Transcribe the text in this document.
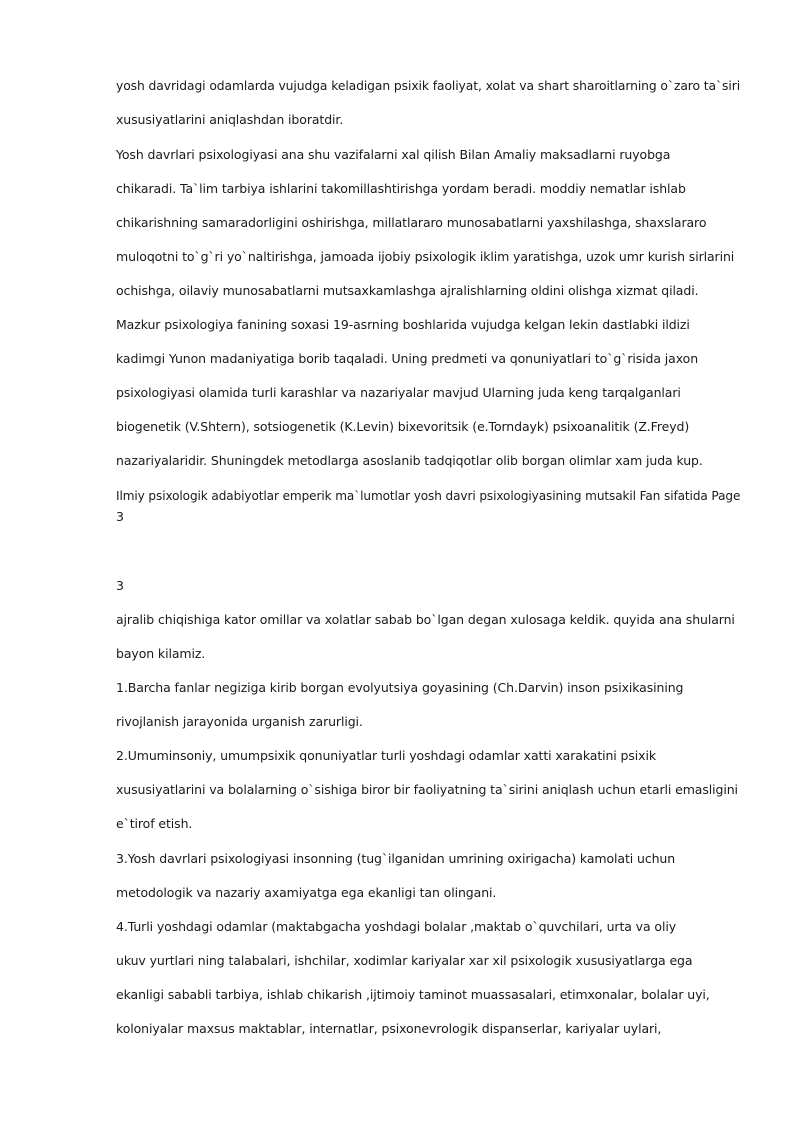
yosh davridagi odamlarda vujudga keladigan psixik faoliyat, xolat va shart sharoitlarning o`zaro ta`siri
xususiyatlarini aniqlashdan iboratdir.
Yosh davrlari psixologiyasi ana shu vazifalarni xal qilish Bilan Amaliy maksadlarni ruyobga
chikaradi. Ta`lim tarbiya ishlarini takomillashtirishga yordam beradi. moddiy nematlar ishlab
chikarishning samaradorligini oshirishga, millatlararo munosabatlarni yaxshilashga, shaxslararo
muloqotni to`g`ri yo`naltirishga, jamoada ijobiy psixologik iklim yaratishga, uzok umr kurish sirlarini
ochishga, oilaviy munosabatlarni mutsaxkamlashga ajralishlarning oldini olishga xizmat qiladi.
Mazkur psixologiya fanining soxasi 19-asrning boshlarida vujudga kelgan lekin dastlabki ildizi
kadimgi Yunon madaniyatiga borib taqaladi. Uning predmeti va qonuniyatlari to`g`risida jaxon
psixologiyasi olamida turli karashlar va nazariyalar mavjud Ularning juda keng tarqalganlari
biogenetik (V.Shtern), sotsiogenetik (K.Levin) bixevoritsik (e.Torndayk) psixoanalitik (Z.Freyd)
nazariyalaridir. Shuningdek metodlarga asoslanib tadqiqotlar olib borgan olimlar xam juda kup.
Ilmiy psixologik adabiyotlar emperik ma`lumotlar yosh davri psixologiyasining mutsakil Fan sifatida Page
3
3
ajralib chiqishiga kator omillar va xolatlar sabab bo`lgan degan xulosaga keldik. quyida ana shularni
bayon kilamiz.
1.Barcha fanlar negiziga kirib borgan evolyutsiya goyasining (Ch.Darvin) inson psixikasining
rivojlanish jarayonida urganish zarurligi.
2.Umuminsoniy, umumpsixik qonuniyatlar turli yoshdagi odamlar xatti xarakatini psixik
xususiyatlarini va bolalarning o`sishiga biror bir faoliyatning ta`sirini aniqlash uchun etarli emasligini
e`tirof etish.
3.Yosh davrlari psixologiyasi insonning (tug`ilganidan umrining oxirigacha) kamolati uchun
metodologik va nazariy axamiyatga ega ekanligi tan olingani.
4.Turli yoshdagi odamlar (maktabgacha yoshdagi bolalar ,maktab o`quvchilari, urta va oliy
ukuv yurtlari ning talabalari, ishchilar, xodimlar kariyalar xar xil psixologik xususiyatlarga ega
ekanligi sababli tarbiya, ishlab chikarish ,ijtimoiy taminot muassasalari, etimxonalar, bolalar uyi,
koloniyalar maxsus maktablar, internatlar, psixonevrologik dispanserlar, kariyalar uylari,
